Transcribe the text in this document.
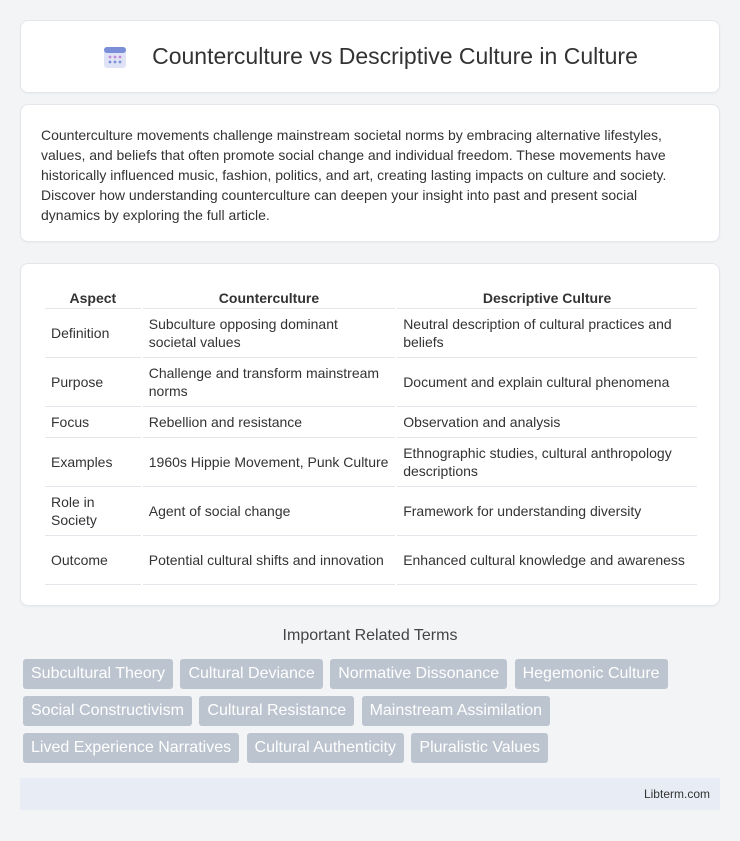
Counterculture vs Descriptive Culture in Culture

Counterculture movements challenge mainstream societal norms by embracing alternative lifestyles, values, and beliefs that often promote social change and individual freedom. These movements have historically influenced music, fashion, politics, and art, creating lasting impacts on culture and society. Discover how understanding counterculture can deepen your insight into past and present social dynamics by exploring the full article.

Aspect	Counterculture	Descriptive Culture
Definition	Subculture opposing dominant societal values	Neutral description of cultural practices and beliefs
Purpose	Challenge and transform mainstream norms	Document and explain cultural phenomena
Focus	Rebellion and resistance	Observation and analysis
Examples	1960s Hippie Movement, Punk Culture	Ethnographic studies, cultural anthropology descriptions
Role in Society	Agent of social change	Framework for understanding diversity
Outcome	Potential cultural shifts and innovation	Enhanced cultural knowledge and awareness
Important Related Terms
Subcultural Theory Cultural Deviance Normative Dissonance Hegemonic Culture Social Constructivism Cultural Resistance Mainstream Assimilation Lived Experience Narratives Cultural Authenticity Pluralistic Values
Libterm.com
